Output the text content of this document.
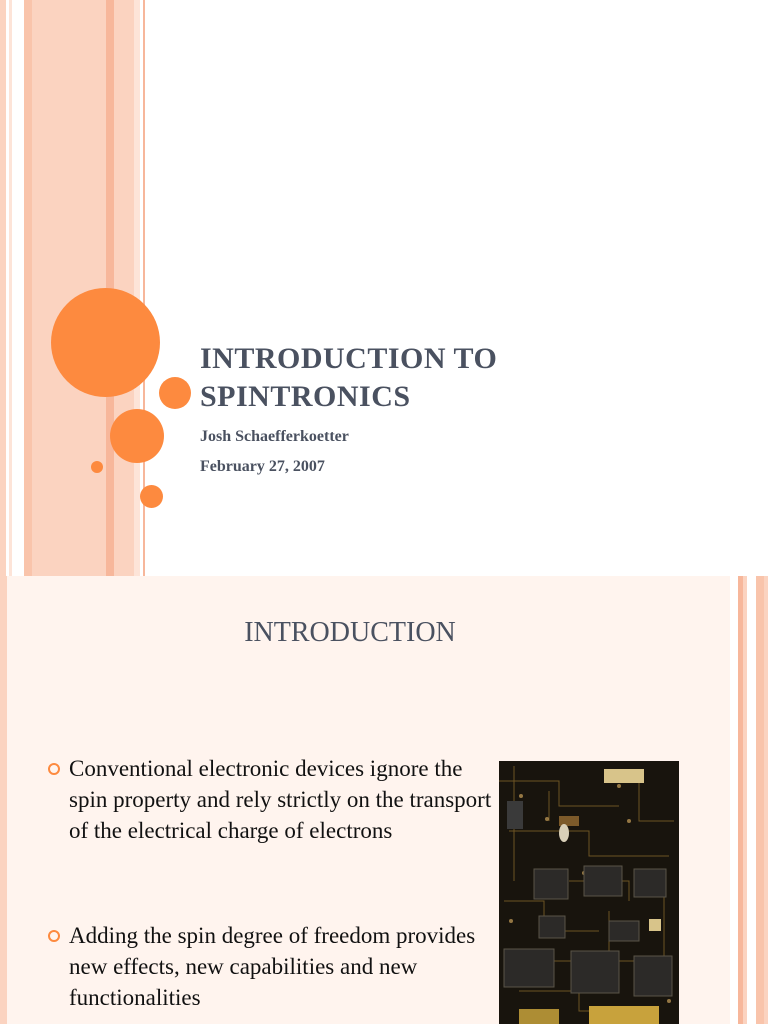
INTRODUCTION TO
SPINTRONICS
Josh Schaefferkoetter
February 27, 2007
INTRODUCTION
Conventional electronic devices ignore the spin property and rely strictly on the transport of the electrical charge of electrons
Adding the spin degree of freedom provides new effects, new capabilities and new functionalities
